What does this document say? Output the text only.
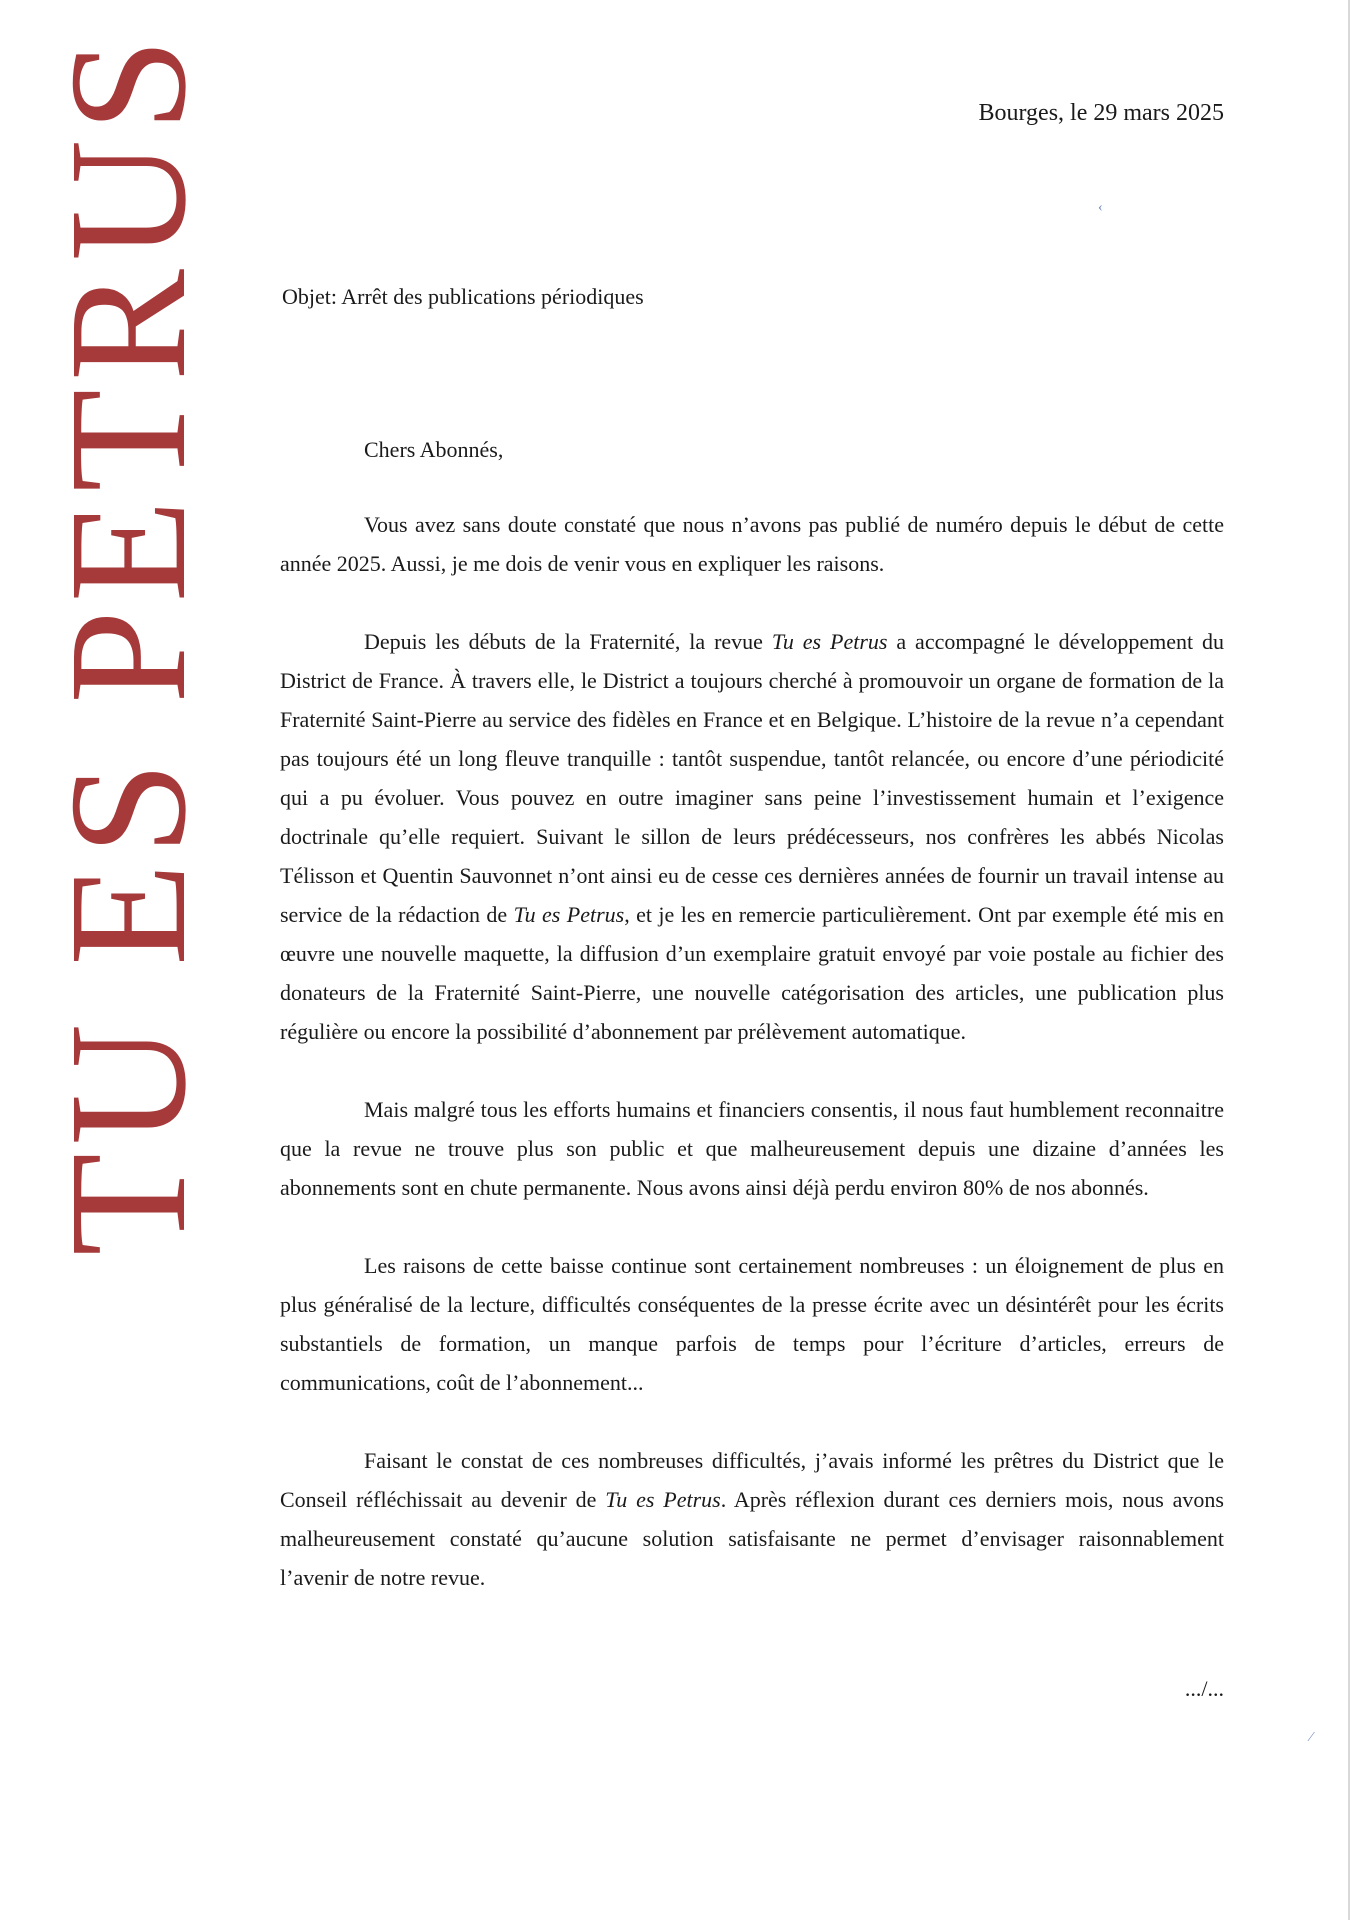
TU ES PETRUS	Bourges, le 29 mars 2025
Objet: Arrêt des publications périodiques
Chers Abonnés,

Vous avez sans doute constaté que nous n’avons pas publié de numéro depuis le début de cette année 2025. Aussi, je me dois de venir vous en expliquer les raisons.

Depuis les débuts de la Fraternité, la revue Tu es Petrus a accompagné le développement du District de France. À travers elle, le District a toujours cherché à promouvoir un organe de formation de la Fraternité Saint-Pierre au service des fidèles en France et en Belgique. L’histoire de la revue n’a cependant pas toujours été un long fleuve tranquille : tantôt suspendue, tantôt relancée, ou encore d’une périodicité qui a pu évoluer. Vous pouvez en outre imaginer sans peine l’investissement humain et l’exigence doctrinale qu’elle requiert. Suivant le sillon de leurs prédécesseurs, nos confrères les abbés Nicolas Télisson et Quentin Sauvonnet n’ont ainsi eu de cesse ces dernières années de fournir un travail intense au service de la rédaction de Tu es Petrus, et je les en remercie particulièrement. Ont par exemple été mis en œuvre une nouvelle maquette, la diffusion d’un exemplaire gratuit envoyé par voie postale au fichier des donateurs de la Fraternité Saint-Pierre, une nouvelle catégorisation des articles, une publication plus régulière ou encore la possibilité d’abonnement par prélèvement automatique.

Mais malgré tous les efforts humains et financiers consentis, il nous faut humblement reconnaitre que la revue ne trouve plus son public et que malheureusement depuis une dizaine d’années les abonnements sont en chute permanente. Nous avons ainsi déjà perdu environ 80% de nos abonnés.

Les raisons de cette baisse continue sont certainement nombreuses : un éloignement de plus en plus généralisé de la lecture, difficultés conséquentes de la presse écrite avec un désintérêt pour les écrits substantiels de formation, un manque parfois de temps pour l’écriture d’articles, erreurs de communications, coût de l’abonnement...

Faisant le constat de ces nombreuses difficultés, j’avais informé les prêtres du District que le Conseil réfléchissait au devenir de Tu es Petrus. Après réflexion durant ces derniers mois, nous avons malheureusement constaté qu’aucune solution satisfaisante ne permet d’envisager raisonnablement l’avenir de notre revue.

.../...
‹
⁄
